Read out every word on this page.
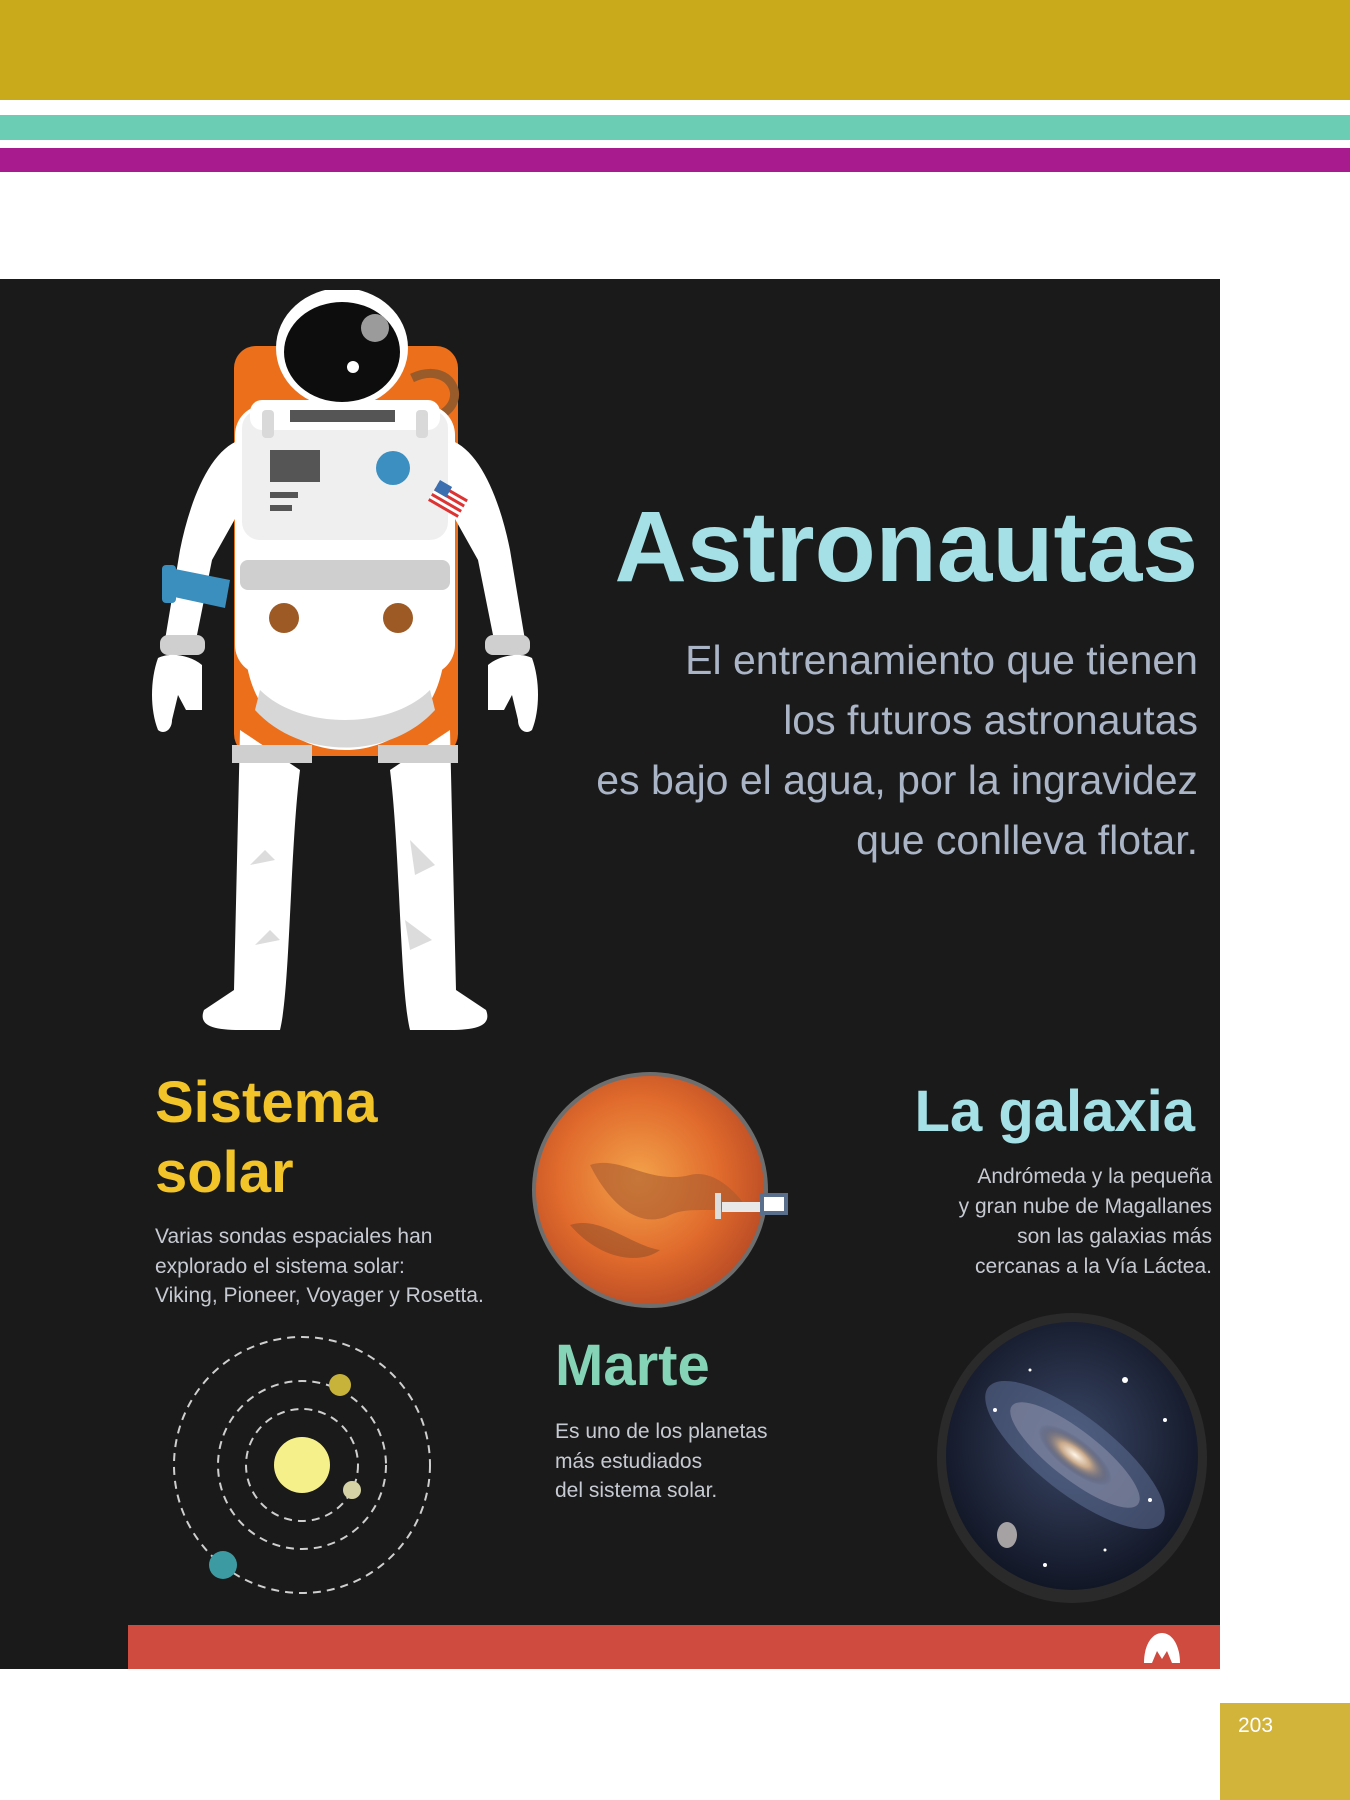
Astronautas
El entrenamiento que tienen
los futuros astronautas
es bajo el agua, por la ingravidez
que conlleva flotar.
Sistema
solar
Varias sondas espaciales han
explorado el sistema solar:
Viking, Pioneer, Voyager y Rosetta.
Marte
Es uno de los planetas
más estudiados
del sistema solar.
La galaxia
Andrómeda y la pequeña
y gran nube de Magallanes
son las galaxias más
cercanas a la Vía Láctea.
203
